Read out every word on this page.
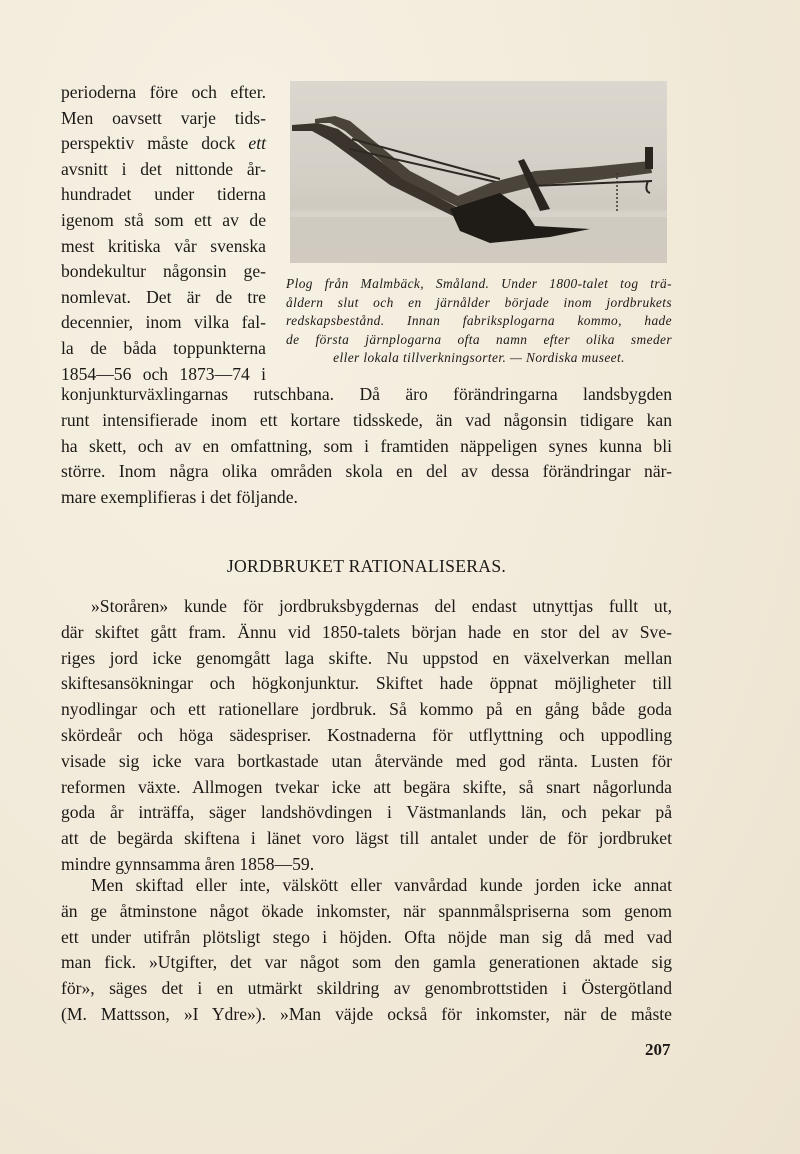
perioderna före och efter.
Men oavsett varje tids-
perspektiv måste dock ett
avsnitt i det nittonde år-
hundradet under tiderna
igenom stå som ett av de
mest kritiska vår svenska
bondekultur någonsin ge-
nomlevat. Det är de tre
decennier, inom vilka fal-
la de båda toppunkterna
1854—56 och 1873—74 i
Plog från Malmbäck, Småland. Under 1800-talet tog trä-
åldern slut och en järnålder började inom jordbrukets
redskapsbestånd. Innan fabriksplogarna kommo, hade
de första järnplogarna ofta namn efter olika smeder
eller lokala tillverkningsorter. — Nordiska museet.
konjunkturväxlingarnas rutschbana. Då äro förändringarna landsbygden
runt intensifierade inom ett kortare tidsskede, än vad någonsin tidigare kan
ha skett, och av en omfattning, som i framtiden näppeligen synes kunna bli
större. Inom några olika områden skola en del av dessa förändringar när-
mare exemplifieras i det följande.
JORDBRUKET RATIONALISERAS.
»Storåren» kunde för jordbruksbygdernas del endast utnyttjas fullt ut,
där skiftet gått fram. Ännu vid 1850-talets början hade en stor del av Sve-
riges jord icke genomgått laga skifte. Nu uppstod en växelverkan mellan
skiftesansökningar och högkonjunktur. Skiftet hade öppnat möjligheter till
nyodlingar och ett rationellare jordbruk. Så kommo på en gång både goda
skördeår och höga sädespriser. Kostnaderna för utflyttning och uppodling
visade sig icke vara bortkastade utan återvände med god ränta. Lusten för
reformen växte. Allmogen tvekar icke att begära skifte, så snart någorlunda
goda år inträffa, säger landshövdingen i Västmanlands län, och pekar på
att de begärda skiftena i länet voro lägst till antalet under de för jordbruket
mindre gynnsamma åren 1858—59.
Men skiftad eller inte, välskött eller vanvårdad kunde jorden icke annat
än ge åtminstone något ökade inkomster, när spannmålspriserna som genom
ett under utifrån plötsligt stego i höjden. Ofta nöjde man sig då med vad
man fick. »Utgifter, det var något som den gamla generationen aktade sig
för», säges det i en utmärkt skildring av genombrottstiden i Östergötland
(M. Mattsson, »I Ydre»). »Man väjde också för inkomster, när de måste
207
